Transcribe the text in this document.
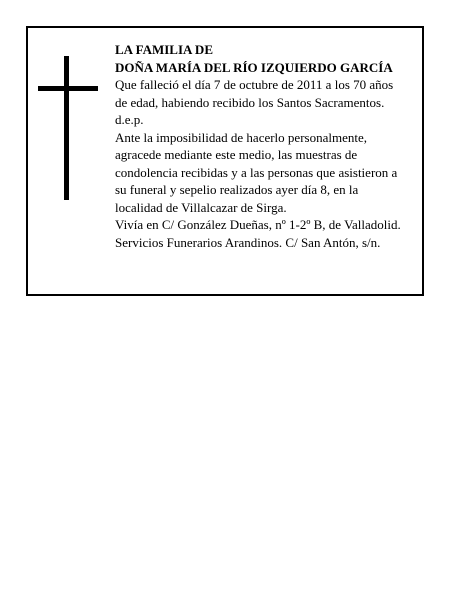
LA FAMILIA DE

DOÑA MARÍA DEL RÍO IZQUIERDO GARCÍA

Que falleció el día 7 de octubre de 2011 a los 70 años

de edad, habiendo recibido los Santos Sacramentos.

d.e.p.

Ante la imposibilidad de hacerlo personalmente,

agracede mediante este medio, las muestras de

condolencia recibidas y a las personas que asistieron a

su funeral y sepelio realizados ayer día 8, en la

localidad de Villalcazar de Sirga.

Vivía en C/ González Dueñas, nº 1-2º B, de Valladolid.

Servicios Funerarios Arandinos. C/ San Antón, s/n.
